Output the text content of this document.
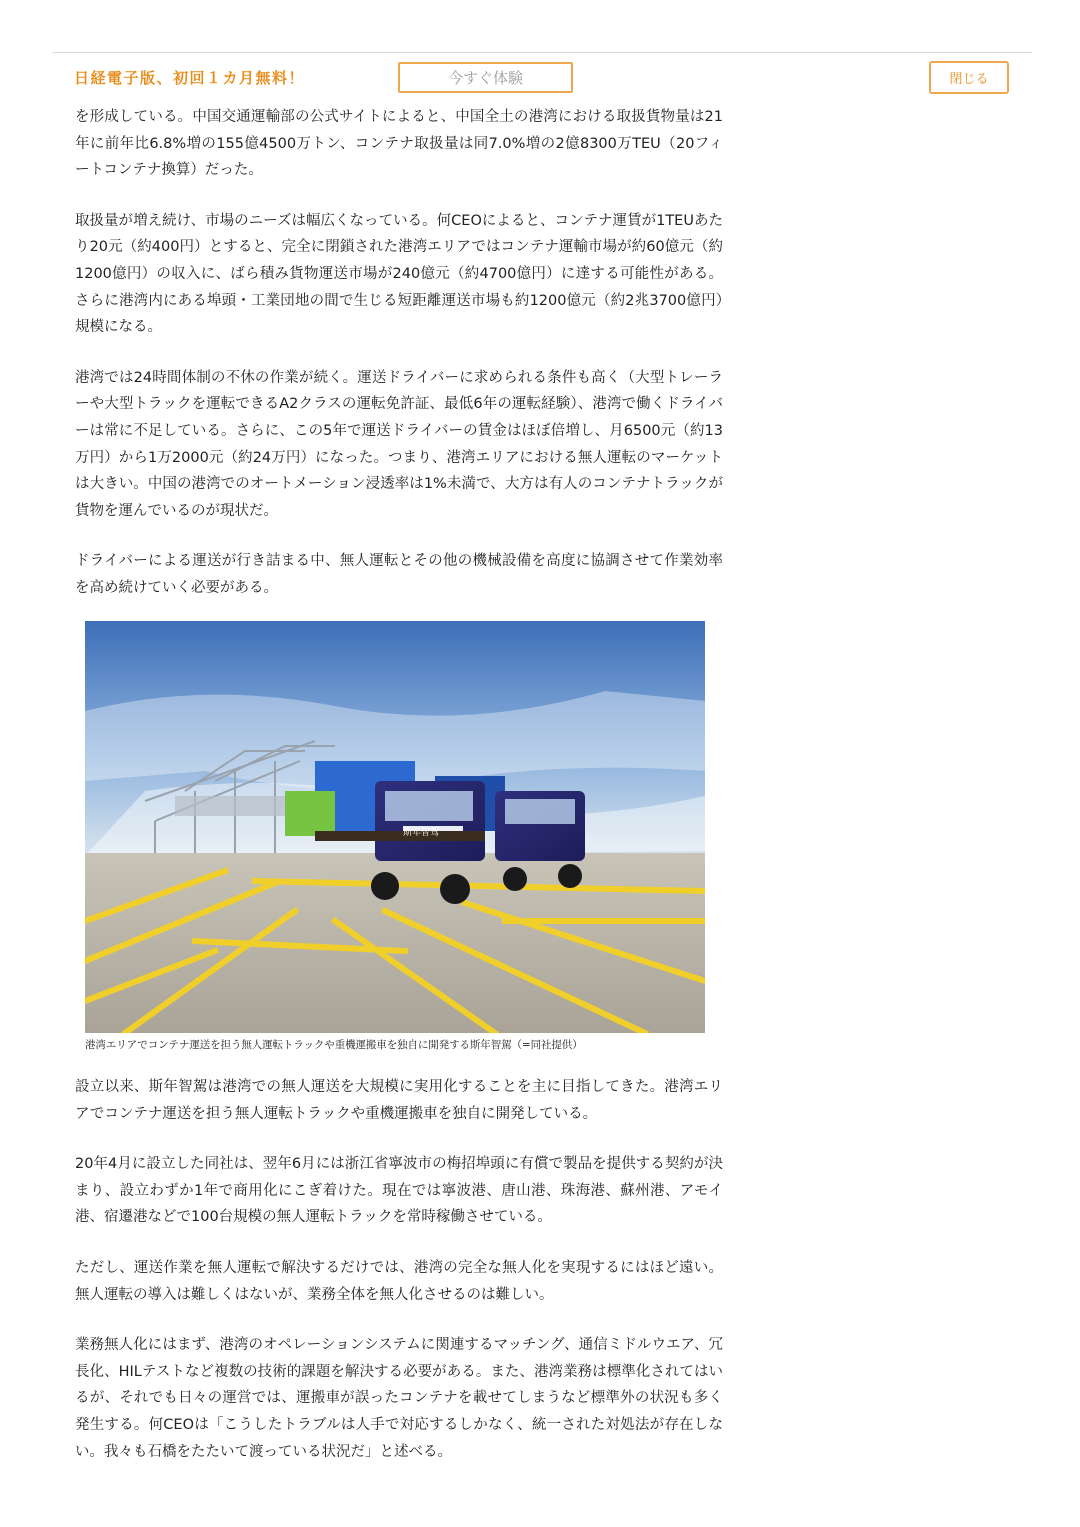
日経電子版、初回１カ月無料！	今すぐ体験	閉じる

を形成している。中国交通運輸部の公式サイトによると、中国全土の港湾における取扱貨物量は21年に前年比6.8%増の155億4500万トン、コンテナ取扱量は同7.0%増の2億8300万TEU（20フィートコンテナ換算）だった。

取扱量が増え続け、市場のニーズは幅広くなっている。何CEOによると、コンテナ運賃が1TEUあたり20元（約400円）とすると、完全に閉鎖された港湾エリアではコンテナ運輸市場が約60億元（約1200億円）の収入に、ばら積み貨物運送市場が240億元（約4700億円）に達する可能性がある。さらに港湾内にある埠頭・工業団地の間で生じる短距離運送市場も約1200億元（約2兆3700億円）規模になる。

港湾では24時間体制の不休の作業が続く。運送ドライバーに求められる条件も高く（大型トレーラーや大型トラックを運転できるA2クラスの運転免許証、最低6年の運転経験）、港湾で働くドライバーは常に不足している。さらに、この5年で運送ドライバーの賃金はほぼ倍増し、月6500元（約13万円）から1万2000元（約24万円）になった。つまり、港湾エリアにおける無人運転のマーケットは大きい。中国の港湾でのオートメーション浸透率は1%未満で、大方は有人のコンテナトラックが貨物を運んでいるのが現状だ。

ドライバーによる運送が行き詰まる中、無人運転とその他の機械設備を高度に協調させて作業効率を高め続けていく必要がある。

斯年智驾
港湾エリアでコンテナ運送を担う無人運転トラックや重機運搬車を独自に開発する斯年智駕（=同社提供）

設立以来、斯年智駕は港湾での無人運送を大規模に実用化することを主に目指してきた。港湾エリアでコンテナ運送を担う無人運転トラックや重機運搬車を独自に開発している。

20年4月に設立した同社は、翌年6月には浙江省寧波市の梅招埠頭に有償で製品を提供する契約が決まり、設立わずか1年で商用化にこぎ着けた。現在では寧波港、唐山港、珠海港、蘇州港、アモイ港、宿遷港などで100台規模の無人運転トラックを常時稼働させている。

ただし、運送作業を無人運転で解決するだけでは、港湾の完全な無人化を実現するにはほど遠い。無人運転の導入は難しくはないが、業務全体を無人化させるのは難しい。

業務無人化にはまず、港湾のオペレーションシステムに関連するマッチング、通信ミドルウエア、冗長化、HILテストなど複数の技術的課題を解決する必要がある。また、港湾業務は標準化されてはいるが、それでも日々の運営では、運搬車が誤ったコンテナを載せてしまうなど標準外の状況も多く発生する。何CEOは「こうしたトラブルは人手で対応するしかなく、統一された対処法が存在しない。我々も石橋をたたいて渡っている状況だ」と述べる。
